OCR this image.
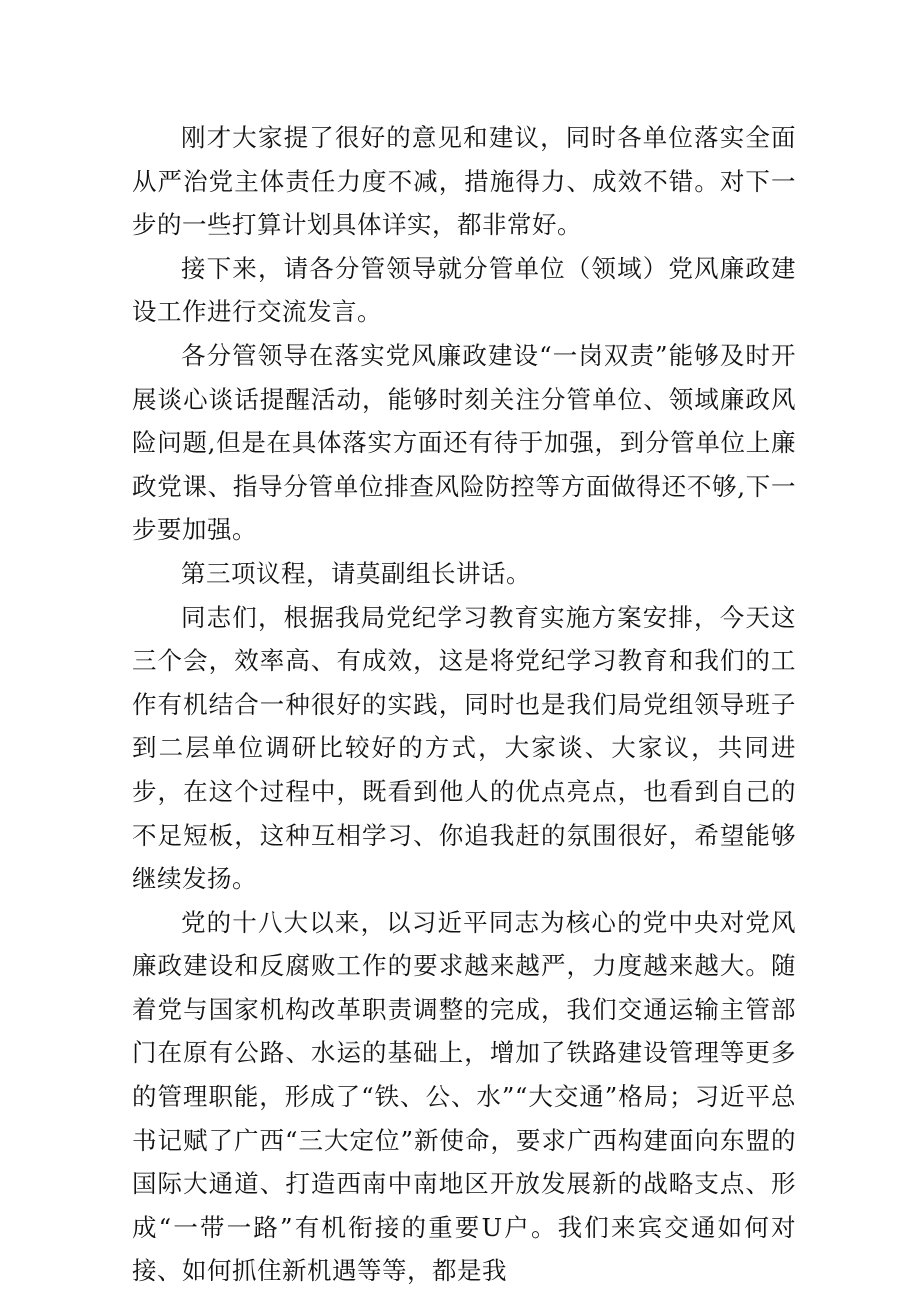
刚才大家提了很好的意见和建议，同时各单位落实全面从严治党主体责任力度不减，措施得力、成效不错。对下一步的一些打算计划具体详实，都非常好。

接下来，请各分管领导就分管单位（领域）党风廉政建设工作进行交流发言。

各分管领导在落实党风廉政建设“一岗双责”能够及时开展谈心谈话提醒活动，能够时刻关注分管单位、领域廉政风险问题,但是在具体落实方面还有待于加强，到分管单位上廉政党课、指导分管单位排查风险防控等方面做得还不够,下一步要加强。

第三项议程，请莫副组长讲话。

同志们，根据我局党纪学习教育实施方案安排，今天这三个会，效率高、有成效，这是将党纪学习教育和我们的工作有机结合一种很好的实践，同时也是我们局党组领导班子到二层单位调研比较好的方式，大家谈、大家议，共同进步，在这个过程中，既看到他人的优点亮点，也看到自己的不足短板，这种互相学习、你追我赶的氛围很好，希望能够继续发扬。

党的十八大以来，以习近平同志为核心的党中央对党风廉政建设和反腐败工作的要求越来越严，力度越来越大。随着党与国家机构改革职责调整的完成，我们交通运输主管部门在原有公路、水运的基础上，增加了铁路建设管理等更多的管理职能，形成了“铁、公、水”“大交通”格局；习近平总书记赋了广西“三大定位”新使命，要求广西构建面向东盟的国际大通道、打造西南中南地区开放发展新的战略支点、形成“一带一路”有机衔接的重要U户。我们来宾交通如何对接、如何抓住新机遇等等，都是我
